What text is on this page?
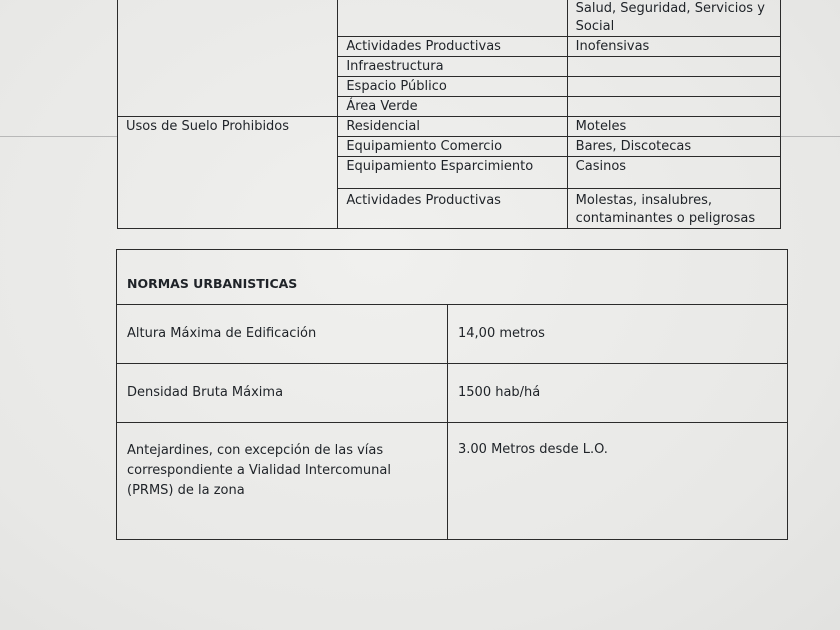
		Salud, Seguridad, Servicios y Social
	Actividades Productivas	Inofensivas
	Infraestructura	
	Espacio Público	
	Área Verde	
Usos de Suelo Prohibidos	Residencial	Moteles
	Equipamiento Comercio	Bares, Discotecas
	Equipamiento Esparcimiento	Casinos
	Actividades Productivas	Molestas, insalubres, contaminantes o peligrosas
NORMAS URBANISTICAS	
Altura Máxima de Edificación	14,00 metros
Densidad Bruta Máxima	1500 hab/há
Antejardines, con excepción de las vías correspondiente a Vialidad Intercomunal (PRMS) de la zona	3.00 Metros desde L.O.
